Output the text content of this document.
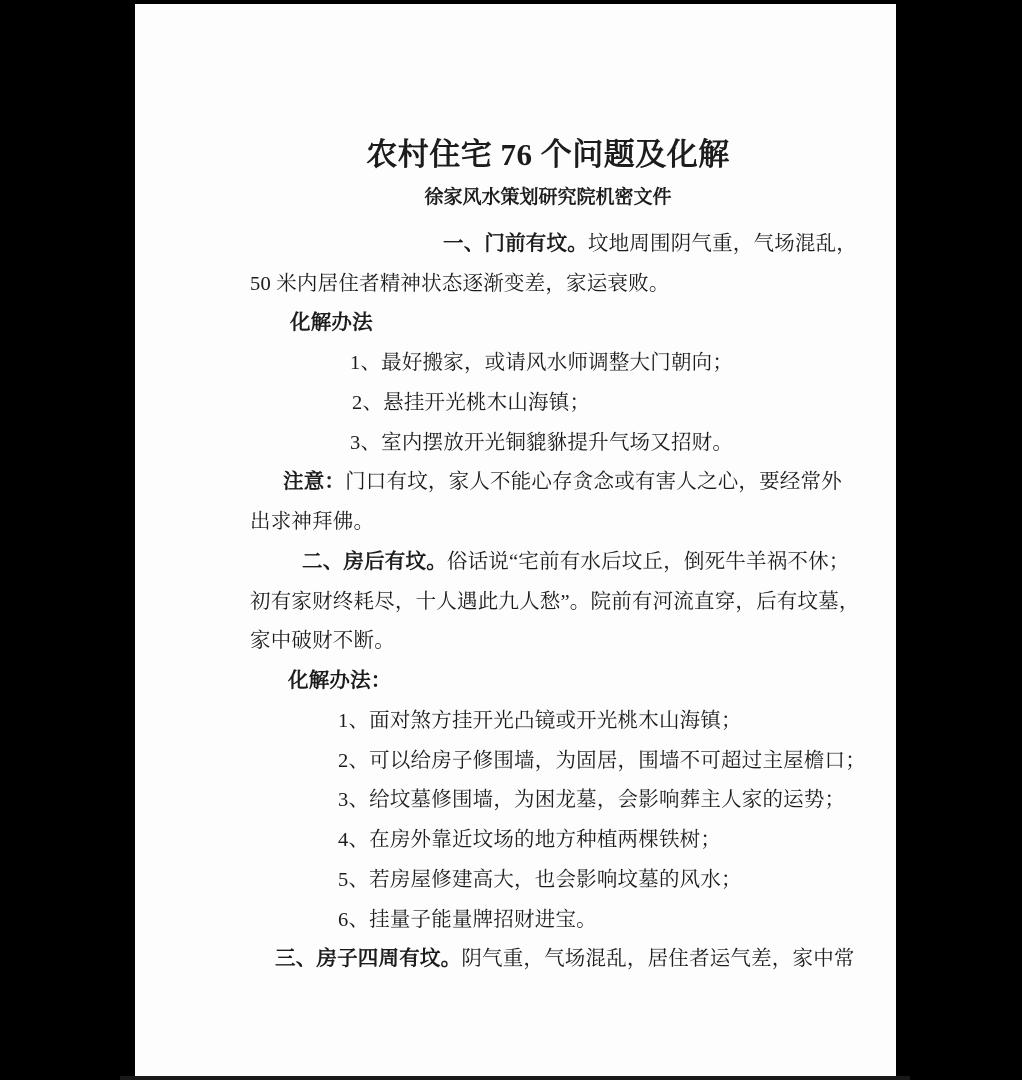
农村住宅 76 个问题及化解
徐家风水策划研究院机密文件
一、门前有坟。 坟地周围阴气重，气场混乱，
50 米内居住者精神状态逐渐变差，家运衰败。
化解办法
1、最好搬家，或请风水师调整大门朝向；
2、悬挂开光桃木山海镇；
3、室内摆放开光铜貔貅提升气场又招财。
注意： 门口有坟，家人不能心存贪念或有害人之心，要经常外
出求神拜佛。
二、房后有坟。 俗话说“宅前有水后坟丘，倒死牛羊祸不休；
初有家财终耗尽，十人遇此九人愁”。院前有河流直穿，后有坟墓，
家中破财不断。
化解办法：
1、面对煞方挂开光凸镜或开光桃木山海镇；
2、可以给房子修围墙，为固居，围墙不可超过主屋檐口；
3、给坟墓修围墙，为困龙墓，会影响葬主人家的运势；
4、在房外靠近坟场的地方种植两棵铁树；
5、若房屋修建高大，也会影响坟墓的风水；
6、挂量子能量牌招财进宝。
三、房子四周有坟。 阴气重，气场混乱，居住者运气差，家中常
